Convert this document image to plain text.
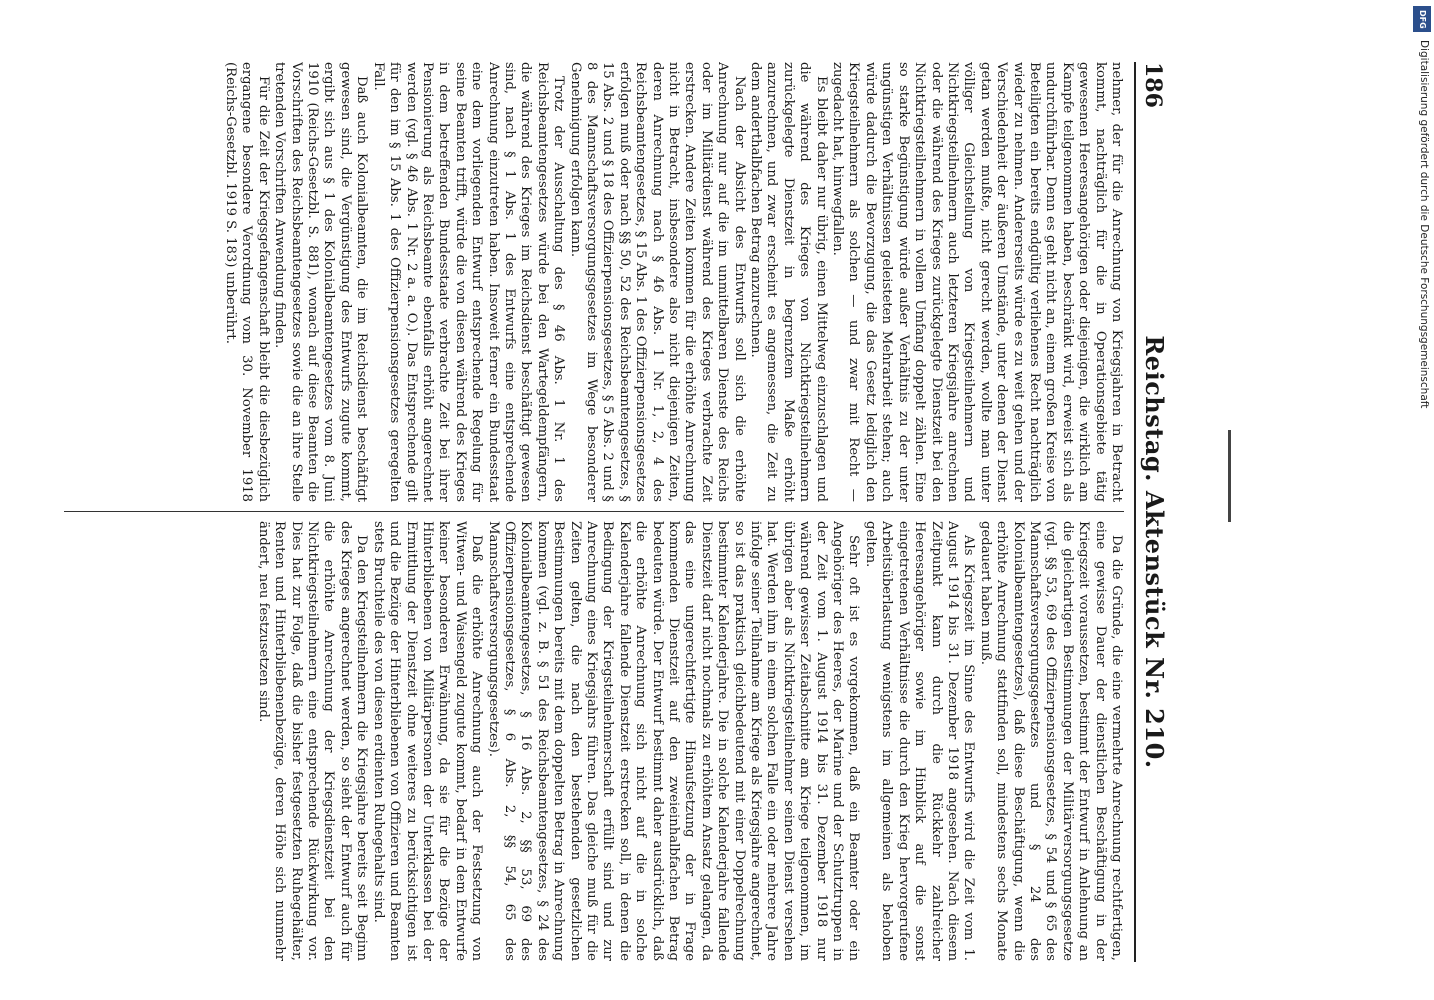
186
Reichstag. Aktenstück Nr. 210.

nehmer, der für die Anrechnung von Kriegsjahren in Betracht kommt, nachträglich für die in Operationsgebiete tätig gewesenen Heeresangehörigen oder diejenigen, die wirklich am Kampfe teilgenommen haben, beschränkt wird, erweist sich als undurchführbar. Denn es geht nicht an, einem großen Kreise von Beteiligten ein bereits endgültig verliehenes Recht nachträglich wieder zu nehmen. Andererseits würde es zu weit gehen und der Verschiedenheit der äußeren Umstände, unter denen der Dienst getan werden mußte, nicht gerecht werden, wollte man unter völliger Gleichstellung von Kriegsteilnehmern und Nichtkriegsteilnehmern auch letzteren Kriegsjahre anrechnen oder die während des Krieges zurückgelegte Dienstzeit bei den Nichtkriegsteilnehmern in vollem Umfang doppelt zählen. Eine so starke Begünstigung würde außer Verhältnis zu der unter ungünstigen Verhältnissen geleisteten Mehrarbeit stehen; auch würde dadurch die Bevorzugung, die das Gesetz lediglich den Kriegsteilnehmern als solchen — und zwar mit Recht — zugedacht hat, hinwegfallen.

Es bleibt daher nur übrig, einen Mittelweg einzuschlagen und die während des Krieges von Nichtkriegsteilnehmern zurückgelegte Dienstzeit in begrenztem Maße erhöht anzurechnen, und zwar erscheint es angemessen, die Zeit zu dem anderthalbfachen Betrag anzurechnen.

Nach der Absicht des Entwurfs soll sich die erhöhte Anrechnung nur auf die im unmittelbaren Dienste des Reichs oder im Militärdienst während des Krieges verbrachte Zeit erstrecken. Andere Zeiten kommen für die erhöhte Anrechnung nicht in Betracht, insbesondere also nicht diejenigen Zeiten, deren Anrechnung nach § 46 Abs. 1 Nr. 1, 2, 4 des Reichsbeamtengesetzes, § 15 Abs. 1 des Offizierpensionsgesetzes erfolgen muß oder nach §§ 50, 52 des Reichsbeamtengesetzes, § 15 Abs. 2 und § 18 des Offizierpensionsgesetzes, § 5 Abs. 2 und § 8 des Mannschaftsversorgungsgesetzes im Wege besonderer Genehmigung erfolgen kann.

Trotz der Ausschaltung des § 46 Abs. 1 Nr. 1 des Reichsbeamtengesetzes würde bei den Wartegeldempfängern, die während des Krieges im Reichsdienst beschäftigt gewesen sind, nach § 1 Abs. 1 des Entwurfs eine entsprechende Anrechnung einzutreten haben. Insoweit ferner ein Bundesstaat eine dem vorliegenden Entwurf entsprechende Regelung für seine Beamten trifft, würde die von diesen während des Krieges in dem betreffenden Bundesstaate verbrachte Zeit bei ihrer Pensionierung als Reichsbeamte ebenfalls erhöht angerechnet werden (vgl. § 46 Abs. 1 Nr. 2 a. a. O.). Das Entsprechende gilt für den im § 15 Abs. 1 des Offizierpensionsgesetzes geregelten Fall.

Daß auch Kolonialbeamten, die im Reichsdienst beschäftigt gewesen sind, die Vergünstigung des Entwurfs zugute kommt, ergibt sich aus § 1 des Kolonialbeamtengesetzes vom 8. Juni 1910 (Reichs-Gesetzbl. S. 881), wonach auf diese Beamten die Vorschriften des Reichsbeamtengesetzes sowie die an ihre Stelle tretenden Vorschriften Anwendung finden.

Für die Zeit der Kriegsgefangenschaft bleibt die diesbezüglich ergangene besondere Verordnung vom 30. November 1918 (Reichs-Gesetzbl. 1919 S. 183) unberührt.

Da die Gründe, die eine vermehrte Anrechnung rechtfertigen, eine gewisse Dauer der dienstlichen Beschäftigung in der Kriegszeit voraussetzen, bestimmt der Entwurf in Anlehnung an die gleichartigen Bestimmungen der Militärversorgungsgesetze (vgl. §§ 53, 69 des Offizierpensionsgesetzes, § 54 und § 65 des Mannschaftsversorgungsgesetzes und § 24 des Kolonialbeamtengesetzes), daß diese Beschäftigung, wenn die erhöhte Anrechnung stattfinden soll, mindestens sechs Monate gedauert haben muß.

Als Kriegszeit im Sinne des Entwurfs wird die Zeit vom 1. August 1914 bis 31. Dezember 1918 angesehen. Nach diesem Zeitpunkt kann durch die Rückkehr zahlreicher Heeresangehöriger sowie im Hinblick auf die sonst eingetretenen Verhältnisse die durch den Krieg hervorgerufene Arbeitsüberlastung wenigstens im allgemeinen als behoben gelten.

Sehr oft ist es vorgekommen, daß ein Beamter oder ein Angehöriger des Heeres, der Marine und der Schutztruppen in der Zeit vom 1. August 1914 bis 31. Dezember 1918 nur während gewisser Zeitabschnitte am Kriege teilgenommen, im übrigen aber als Nichtkriegsteilnehmer seinen Dienst versehen hat. Werden ihm in einem solchen Falle ein oder mehrere Jahre infolge seiner Teilnahme am Kriege als Kriegsjahre angerechnet, so ist das praktisch gleichbedeutend mit einer Doppelrechnung bestimmter Kalenderjahre. Die in solche Kalenderjahre fallende Dienstzeit darf nicht nochmals zu erhöhtem Ansatz gelangen, da das eine ungerechtfertigte Hinaufsetzung der in Frage kommenden Dienstzeit auf den zweieinhalbfachen Betrag bedeuten würde. Der Entwurf bestimmt daher ausdrücklich, daß die erhöhte Anrechnung sich nicht auf die in solche Kalenderjahre fallende Dienstzeit erstrecken soll, in denen die Bedingung der Kriegsteilnehmerschaft erfüllt sind und zur Anrechnung eines Kriegsjahrs führen. Das gleiche muß für die Zeiten gelten, die nach den bestehenden gesetzlichen Bestimmungen bereits mit dem doppelten Betrag in Anrechnung kommen (vgl. z. B. § 51 des Reichsbeamtengesetzes, § 24 des Kolonialbeamtengesetzes, § 16 Abs. 2, §§ 53, 69 des Offizierpensionsgesetzes, § 6 Abs. 2, §§ 54, 65 des Mannschaftsversorgungsgesetzes).

Daß die erhöhte Anrechnung auch der Festsetzung von Witwen- und Waisengeld zugute kommt, bedarf in dem Entwurfe keiner besonderen Erwähnung, da sie für die Bezüge der Hinterbliebenen von Militärpersonen der Unterklassen bei der Ermittlung der Dienstzeit ohne weiteres zu berücksichtigen ist und die Bezüge der Hinterbliebenen von Offizieren und Beamten stets Bruchteile des von diesen erdienten Ruhegehalts sind.

Da den Kriegsteilnehmern die Kriegsjahre bereits seit Beginn des Krieges angerechnet werden, so sieht der Entwurf auch für die erhöhte Anrechnung der Kriegsdienstzeit bei den Nichtkriegsteilnehmern eine entsprechende Rückwirkung vor. Dies hat zur Folge, daß die bisher festgesetzten Ruhegehälter, Renten und Hinterbliebenenbezüge, deren Höhe sich nunmehr ändert, neu festzusetzen sind.

DFG
Digitalisierung gefördert durch die Deutsche Forschungsgemeinschaft
